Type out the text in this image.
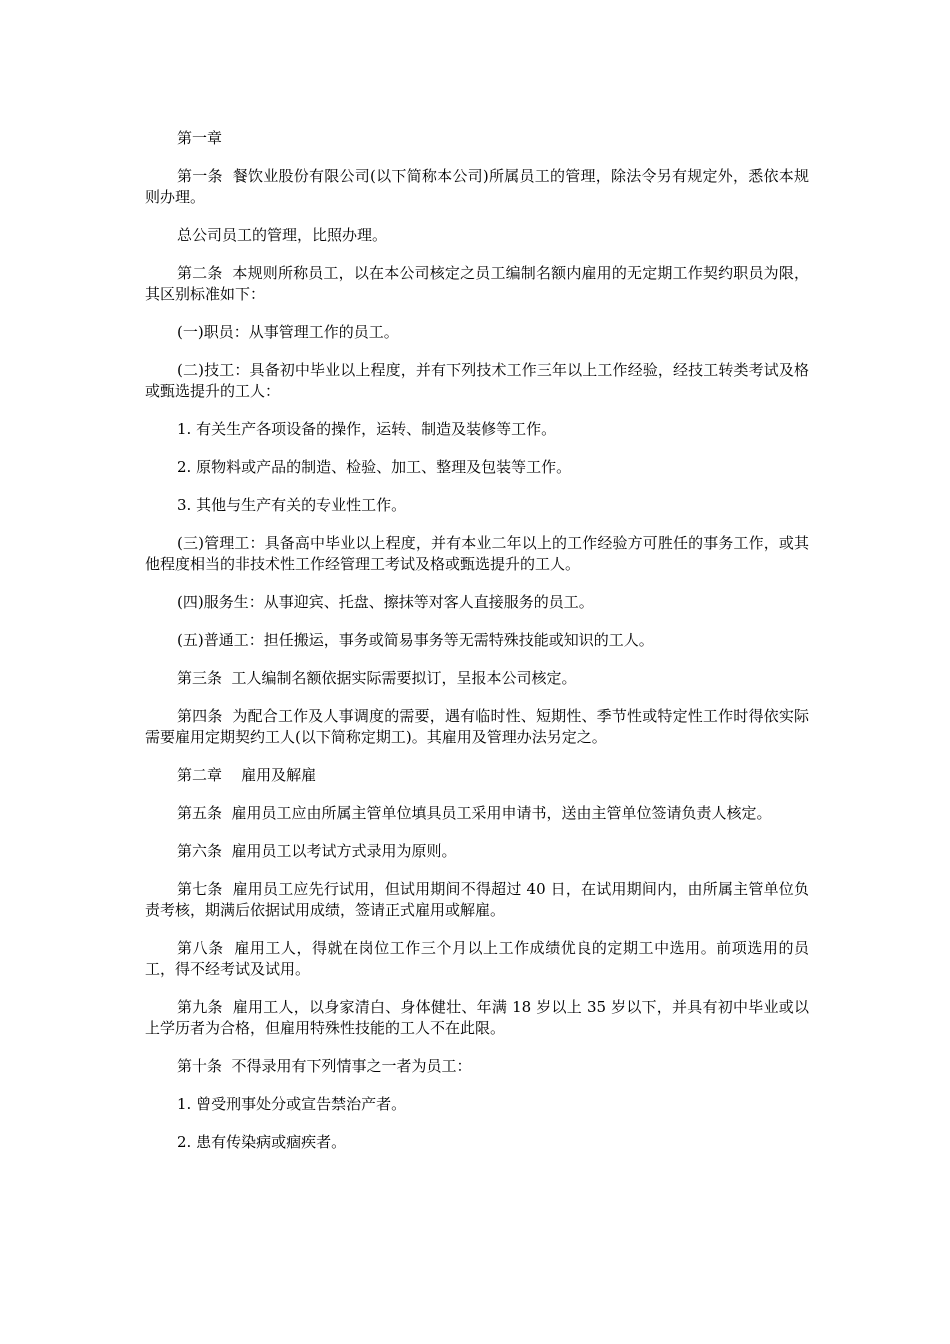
第一章

第一条  餐饮业股份有限公司(以下简称本公司)所属员工的管理，除法令另有规定外，悉依本规则办理。

总公司员工的管理，比照办理。

第二条  本规则所称员工，以在本公司核定之员工编制名额内雇用的无定期工作契约职员为限，其区别标准如下：

(一)职员：从事管理工作的员工。

(二)技工：具备初中毕业以上程度，并有下列技术工作三年以上工作经验，经技工转类考试及格或甄选提升的工人：

1. 有关生产各项设备的操作，运转、制造及装修等工作。

2. 原物料或产品的制造、检验、加工、整理及包装等工作。

3. 其他与生产有关的专业性工作。

(三)管理工：具备高中毕业以上程度，并有本业二年以上的工作经验方可胜任的事务工作，或其他程度相当的非技术性工作经管理工考试及格或甄选提升的工人。

(四)服务生：从事迎宾、托盘、擦抹等对客人直接服务的员工。

(五)普通工：担任搬运，事务或简易事务等无需特殊技能或知识的工人。

第三条  工人编制名额依据实际需要拟订，呈报本公司核定。

第四条  为配合工作及人事调度的需要，遇有临时性、短期性、季节性或特定性工作时得依实际需要雇用定期契约工人(以下简称定期工)。其雇用及管理办法另定之。

第二章    雇用及解雇

第五条  雇用员工应由所属主管单位填具员工采用申请书，送由主管单位签请负责人核定。

第六条  雇用员工以考试方式录用为原则。

第七条  雇用员工应先行试用，但试用期间不得超过 40 日，在试用期间内，由所属主管单位负责考核，期满后依据试用成绩，签请正式雇用或解雇。

第八条  雇用工人，得就在岗位工作三个月以上工作成绩优良的定期工中选用。前项选用的员工，得不经考试及试用。

第九条  雇用工人，以身家清白、身体健壮、年满 18 岁以上 35 岁以下，并具有初中毕业或以上学历者为合格，但雇用特殊性技能的工人不在此限。

第十条  不得录用有下列情事之一者为员工：

1. 曾受刑事处分或宣告禁治产者。

2. 患有传染病或痼疾者。
